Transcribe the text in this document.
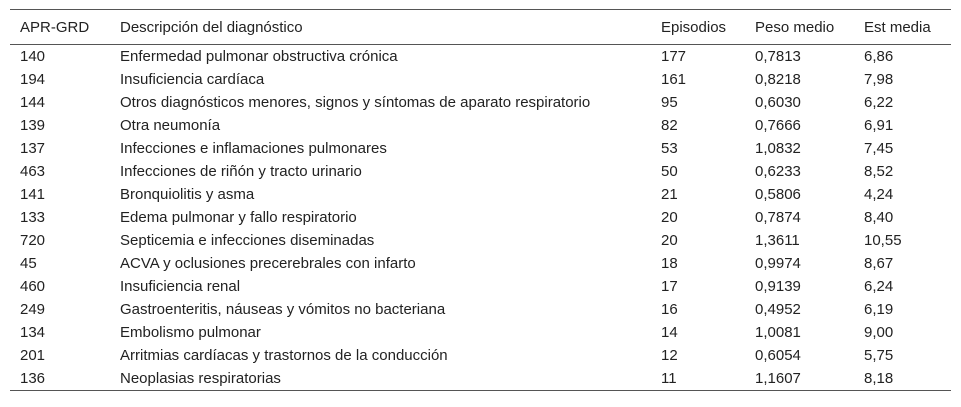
APR-GRD	Descripción del diagnóstico	Episodios	Peso medio	Est media
140	Enfermedad pulmonar obstructiva crónica	177	0,7813	6,86
194	Insuficiencia cardíaca	161	0,8218	7,98
144	Otros diagnósticos menores, signos y síntomas de aparato respiratorio	95	0,6030	6,22
139	Otra neumonía	82	0,7666	6,91
137	Infecciones e inflamaciones pulmonares	53	1,0832	7,45
463	Infecciones de riñón y tracto urinario	50	0,6233	8,52
141	Bronquiolitis y asma	21	0,5806	4,24
133	Edema pulmonar y fallo respiratorio	20	0,7874	8,40
720	Septicemia e infecciones diseminadas	20	1,3611	10,55
45	ACVA y oclusiones precerebrales con infarto	18	0,9974	8,67
460	Insuficiencia renal	17	0,9139	6,24
249	Gastroenteritis, náuseas y vómitos no bacteriana	16	0,4952	6,19
134	Embolismo pulmonar	14	1,0081	9,00
201	Arritmias cardíacas y trastornos de la conducción	12	0,6054	5,75
136	Neoplasias respiratorias	11	1,1607	8,18
